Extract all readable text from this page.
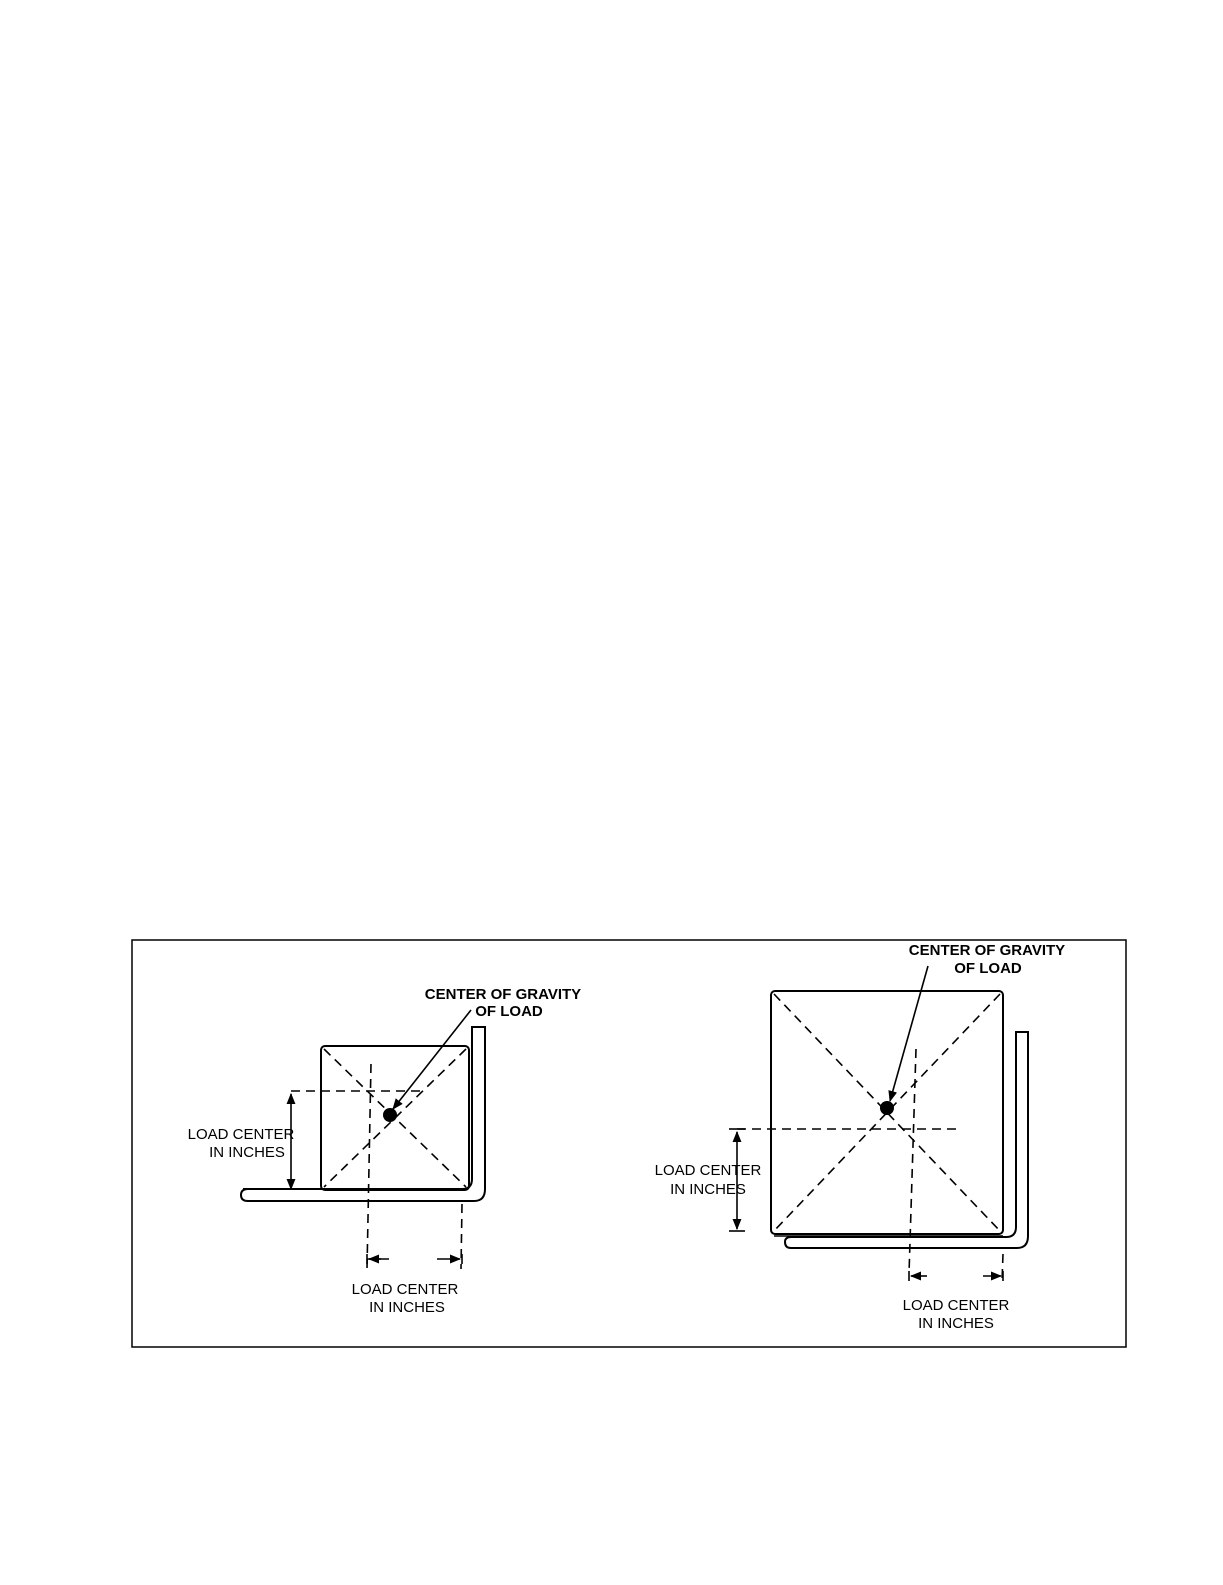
CENTER OF GRAVITY
OF LOAD
LOAD CENTER
IN INCHES
LOAD CENTER
IN INCHES
CENTER OF GRAVITY
OF LOAD
LOAD CENTER
IN INCHES
LOAD CENTER
IN INCHES
